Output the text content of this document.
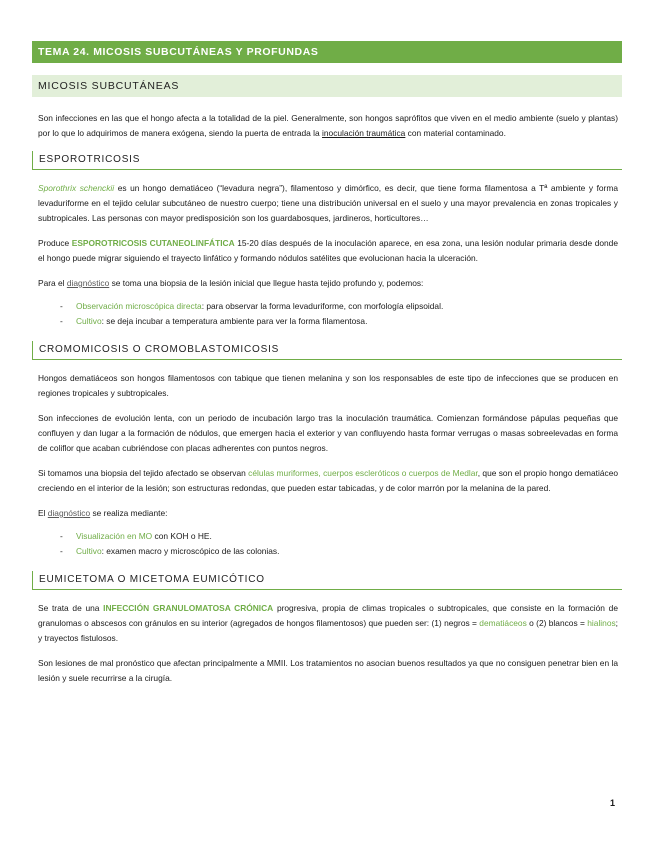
TEMA 24. MICOSIS SUBCUTÁNEAS Y PROFUNDAS
MICOSIS SUBCUTÁNEAS

Son infecciones en las que el hongo afecta a la totalidad de la piel. Generalmente, son hongos saprófitos que viven en el medio ambiente (suelo y plantas) por lo que lo adquirimos de manera exógena, siendo la puerta de entrada la inoculación traumática con material contaminado.

ESPOROTRICOSIS

Sporothrix schenckii es un hongo dematiáceo (“levadura negra”), filamentoso y dimórfico, es decir, que tiene forma filamentosa a Tª ambiente y forma levaduriforme en el tejido celular subcutáneo de nuestro cuerpo; tiene una distribución universal en el suelo y una mayor prevalencia en zonas tropicales y subtropicales. Las personas con mayor predisposición son los guardabosques, jardineros, horticultores…

Produce ESPOROTRICOSIS CUTANEOLINFÁTICA 15-20 días después de la inoculación aparece, en esa zona, una lesión nodular primaria desde donde el hongo puede migrar siguiendo el trayecto linfático y formando nódulos satélites que evolucionan hacia la ulceración.

Para el diagnóstico se toma una biopsia de la lesión inicial que llegue hasta tejido profundo y, podemos:

- Observación microscópica directa: para observar la forma levaduriforme, con morfología elipsoidal.
- Cultivo: se deja incubar a temperatura ambiente para ver la forma filamentosa.
CROMOMICOSIS O CROMOBLASTOMICOSIS

Hongos dematiáceos son hongos filamentosos con tabique que tienen melanina y son los responsables de este tipo de infecciones que se producen en regiones tropicales y subtropicales.

Son infecciones de evolución lenta, con un periodo de incubación largo tras la inoculación traumática. Comienzan formándose pápulas pequeñas que confluyen y dan lugar a la formación de nódulos, que emergen hacia el exterior y van confluyendo hasta formar verrugas o masas sobreelevadas en forma de coliflor que acaban cubriéndose con placas adherentes con puntos negros.

Si tomamos una biopsia del tejido afectado se observan células muriformes, cuerpos escleróticos o cuerpos de Medlar, que son el propio hongo dematiáceo creciendo en el interior de la lesión; son estructuras redondas, que pueden estar tabicadas, y de color marrón por la melanina de la pared.

El diagnóstico se realiza mediante:

- Visualización en MO con KOH o HE.
- Cultivo: examen macro y microscópico de las colonias.
EUMICETOMA O MICETOMA EUMICÓTICO

Se trata de una INFECCIÓN GRANULOMATOSA CRÓNICA progresiva, propia de climas tropicales o subtropicales, que consiste en la formación de granulomas o abscesos con gránulos en su interior (agregados de hongos filamentosos) que pueden ser: (1) negros = dematiáceos o (2) blancos = hialinos; y trayectos fistulosos.

Son lesiones de mal pronóstico que afectan principalmente a MMII. Los tratamientos no asocian buenos resultados ya que no consiguen penetrar bien en la lesión y suele recurrirse a la cirugía.

1
